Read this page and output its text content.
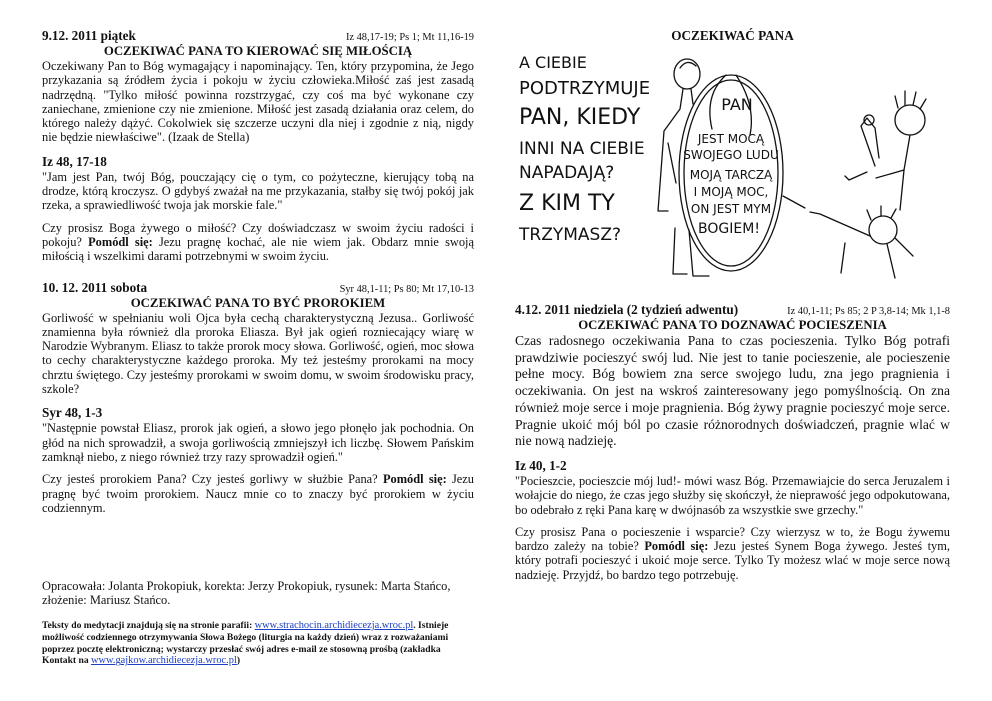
9.12. 2011 piątek	Iz 48,17-19; Ps 1; Mt 11,16-19

OCZEKIWAĆ PANA TO KIEROWAĆ SIĘ MIŁOŚCIĄ

Oczekiwany Pan to Bóg wymagający i napominający. Ten, który przypomina, że Jego przykazania są źródłem życia i pokoju w życiu człowieka.Miłość zaś jest zasadą nadrzędną. "Tylko miłość powinna rozstrzygać, czy coś ma być wykonane czy zaniechane, zmienione czy nie zmienione. Miłość jest zasadą działania oraz celem, do którego należy dążyć. Cokolwiek się szczerze uczyni dla niej i zgodnie z nią, nigdy nie będzie niewłaściwe". (Izaak de Stella)

Iz 48, 17-18

"Jam jest Pan, twój Bóg, pouczający cię o tym, co pożyteczne, kierujący tobą na drodze, którą kroczysz. O gdybyś zważał na me przykazania, stałby się twój pokój jak rzeka, a sprawiedliwość twoja jak morskie fale."

Czy prosisz Boga żywego o miłość? Czy doświadczasz w swoim życiu radości i pokoju? Pomódl się: Jezu pragnę kochać, ale nie wiem jak. Obdarz mnie swoją miłością i wszelkimi darami potrzebnymi w swoim życiu.

10. 12. 2011 sobota	Syr 48,1-11; Ps 80; Mt 17,10-13

OCZEKIWAĆ PANA TO BYĆ PROROKIEM

Gorliwość w spełnianiu woli Ojca była cechą charakterystyczną Jezusa.. Gorliwość znamienna była również dla proroka Eliasza. Był jak ogień rozniecający wiarę w Narodzie Wybranym. Eliasz to także prorok mocy słowa. Gorliwość, ogień, moc słowa to cechy charakterystyczne każdego proroka. My też jesteśmy prorokami na mocy chrztu świętego. Czy jesteśmy prorokami w swoim domu, w swoim środowisku pracy, szkole?

Syr 48, 1-3

"Następnie powstał Eliasz, prorok jak ogień, a słowo jego płonęło jak pochodnia. On głód na nich sprowadził, a swoja gorliwością zmniejszył ich liczbę. Słowem Pańskim zamknął niebo, z niego również trzy razy sprowadził ogień."

Czy jesteś prorokiem Pana? Czy jesteś gorliwy w służbie Pana? Pomódl się: Jezu pragnę być twoim prorokiem. Naucz mnie co to znaczy być prorokiem w życiu codziennym.

Opracowała: Jolanta Prokopiuk, korekta: Jerzy Prokopiuk, rysunek: Marta Stańco, złożenie: Mariusz Stańco.

Teksty do medytacji znajdują się na stronie parafii: www.strachocin.archidiecezja.wroc.pl. Istnieje możliwość codziennego otrzymywania Słowa Bożego (liturgia na każdy dzień) wraz z rozważaniami poprzez pocztę elektroniczną; wystarczy przesłać swój adres e-mail ze stosowną prośbą (zakładka Kontakt na www.gajkow.archidiecezja.wroc.pl)

OCZEKIWAĆ PANA

A CIEBIE
PODTRZYMUJE
PAN, KIEDY
INNI NA CIEBIE
NAPADAJĄ?
Z KIM TY
TRZYMASZ?
PAN
JEST MOCĄ
SWOJEGO LUDU
MOJĄ TARCZĄ
I MOJĄ MOC,
ON JEST MYM
BOGIEM!
4.12. 2011 niedziela (2 tydzień adwentu)	Iz 40,1-11; Ps 85; 2 P 3,8-14; Mk 1,1-8

OCZEKIWAĆ PANA TO DOZNAWAĆ POCIESZENIA

Czas radosnego oczekiwania Pana to czas pocieszenia. Tylko Bóg potrafi prawdziwie pocieszyć swój lud. Nie jest to tanie pocieszenie, ale pocieszenie pełne mocy. Bóg bowiem zna serce swojego ludu, zna jego pragnienia i oczekiwania. On jest na wskroś zainteresowany jego pomyślnością. On zna również moje serce i moje pragnienia. Bóg żywy pragnie pocieszyć moje serce. Pragnie ukoić mój ból po czasie różnorodnych doświadczeń, pragnie wlać w nie nową nadzieję.

Iz 40, 1-2

"Pocieszcie, pocieszcie mój lud!- mówi wasz Bóg. Przemawiajcie do serca Jeruzalem i wołajcie do niego, że czas jego służby się skończył, że nieprawość jego odpokutowana, bo odebrało z ręki Pana karę w dwójnasób za wszystkie swe grzechy."

Czy prosisz Pana o pocieszenie i wsparcie? Czy wierzysz w to, że Bogu żywemu bardzo zależy na tobie? Pomódl się: Jezu jesteś Synem Boga żywego. Jesteś tym, który potrafi pocieszyć i ukoić moje serce. Tylko Ty możesz wlać w moje serce nową nadzieję. Przyjdź, bo bardzo tego potrzebuję.
